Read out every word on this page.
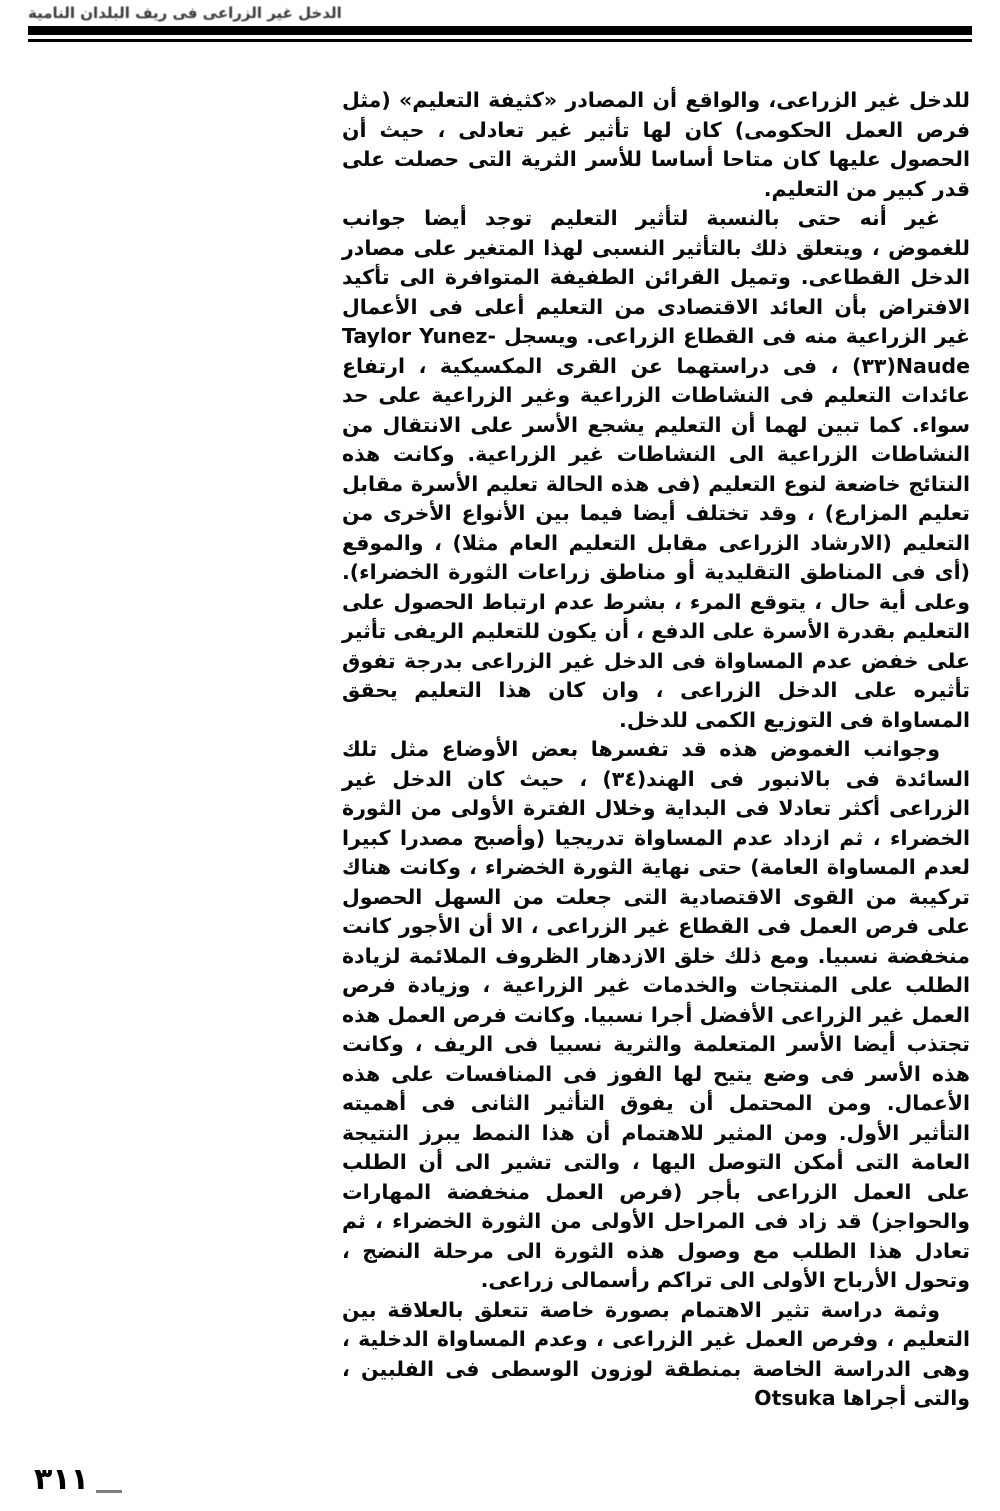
الدخل غير الزراعى فى ريف البلدان النامية

للدخل غير الزراعى، والواقع أن المصادر «كثيفة التعليم» (مثل فرص العمل الحكومى) كان لها تأثير غير تعادلى ، حيث أن الحصول عليها كان متاحا أساسا للأسر الثرية التى حصلت على قدر كبير من التعليم.

غير أنه حتى بالنسبة لتأثير التعليم توجد أيضا جوانب للغموض ، ويتعلق ذلك بالتأثير النسبى لهذا المتغير على مصادر الدخل القطاعى. وتميل القرائن الطفيفة المتوافرة الى تأكيد الافتراض بأن العائد الاقتصادى من التعليم أعلى فى الأعمال غير الزراعية منه فى القطاع الزراعى. ويسجل Taylor Yunez-Naude(٣٣) ، فى دراستهما عن القرى المكسيكية ، ارتفاع عائدات التعليم فى النشاطات الزراعية وغير الزراعية على حد سواء. كما تبين لهما أن التعليم يشجع الأسر على الانتقال من النشاطات الزراعية الى النشاطات غير الزراعية. وكانت هذه النتائج خاضعة لنوع التعليم (فى هذه الحالة تعليم الأسرة مقابل تعليم المزارع) ، وقد تختلف أيضا فيما بين الأنواع الأخرى من التعليم (الارشاد الزراعى مقابل التعليم العام مثلا) ، والموقع (أى فى المناطق التقليدية أو مناطق زراعات الثورة الخضراء). وعلى أية حال ، يتوقع المرء ، بشرط عدم ارتباط الحصول على التعليم بقدرة الأسرة على الدفع ، أن يكون للتعليم الريفى تأثير على خفض عدم المساواة فى الدخل غير الزراعى بدرجة تفوق تأثيره على الدخل الزراعى ، وان كان هذا التعليم يحقق المساواة فى التوزيع الكمى للدخل.

وجوانب الغموض هذه قد تفسرها بعض الأوضاع مثل تلك السائدة فى بالانبور فى الهند(٣٤) ، حيث كان الدخل غير الزراعى أكثر تعادلا فى البداية وخلال الفترة الأولى من الثورة الخضراء ، ثم ازداد عدم المساواة تدريجيا (وأصبح مصدرا كبيرا لعدم المساواة العامة) حتى نهاية الثورة الخضراء ، وكانت هناك تركيبة من القوى الاقتصادية التى جعلت من السهل الحصول على فرص العمل فى القطاع غير الزراعى ، الا أن الأجور كانت منخفضة نسبيا. ومع ذلك خلق الازدهار الظروف الملائمة لزيادة الطلب على المنتجات والخدمات غير الزراعية ، وزيادة فرص العمل غير الزراعى الأفضل أجرا نسبيا. وكانت فرص العمل هذه تجتذب أيضا الأسر المتعلمة والثرية نسبيا فى الريف ، وكانت هذه الأسر فى وضع يتيح لها الفوز فى المنافسات على هذه الأعمال. ومن المحتمل أن يفوق التأثير الثانى فى أهميته التأثير الأول. ومن المثير للاهتمام أن هذا النمط يبرز النتيجة العامة التى أمكن التوصل اليها ، والتى تشير الى أن الطلب على العمل الزراعى بأجر (فرص العمل منخفضة المهارات والحواجز) قد زاد فى المراحل الأولى من الثورة الخضراء ، ثم تعادل هذا الطلب مع وصول هذه الثورة الى مرحلة النضج ، وتحول الأرباح الأولى الى تراكم رأسمالى زراعى.

وثمة دراسة تثير الاهتمام بصورة خاصة تتعلق بالعلاقة بين التعليم ، وفرص العمل غير الزراعى ، وعدم المساواة الدخلية ، وهى الدراسة الخاصة بمنطقة لوزون الوسطى فى الفلبين ، والتى أجراها Otsuka

٣١١
